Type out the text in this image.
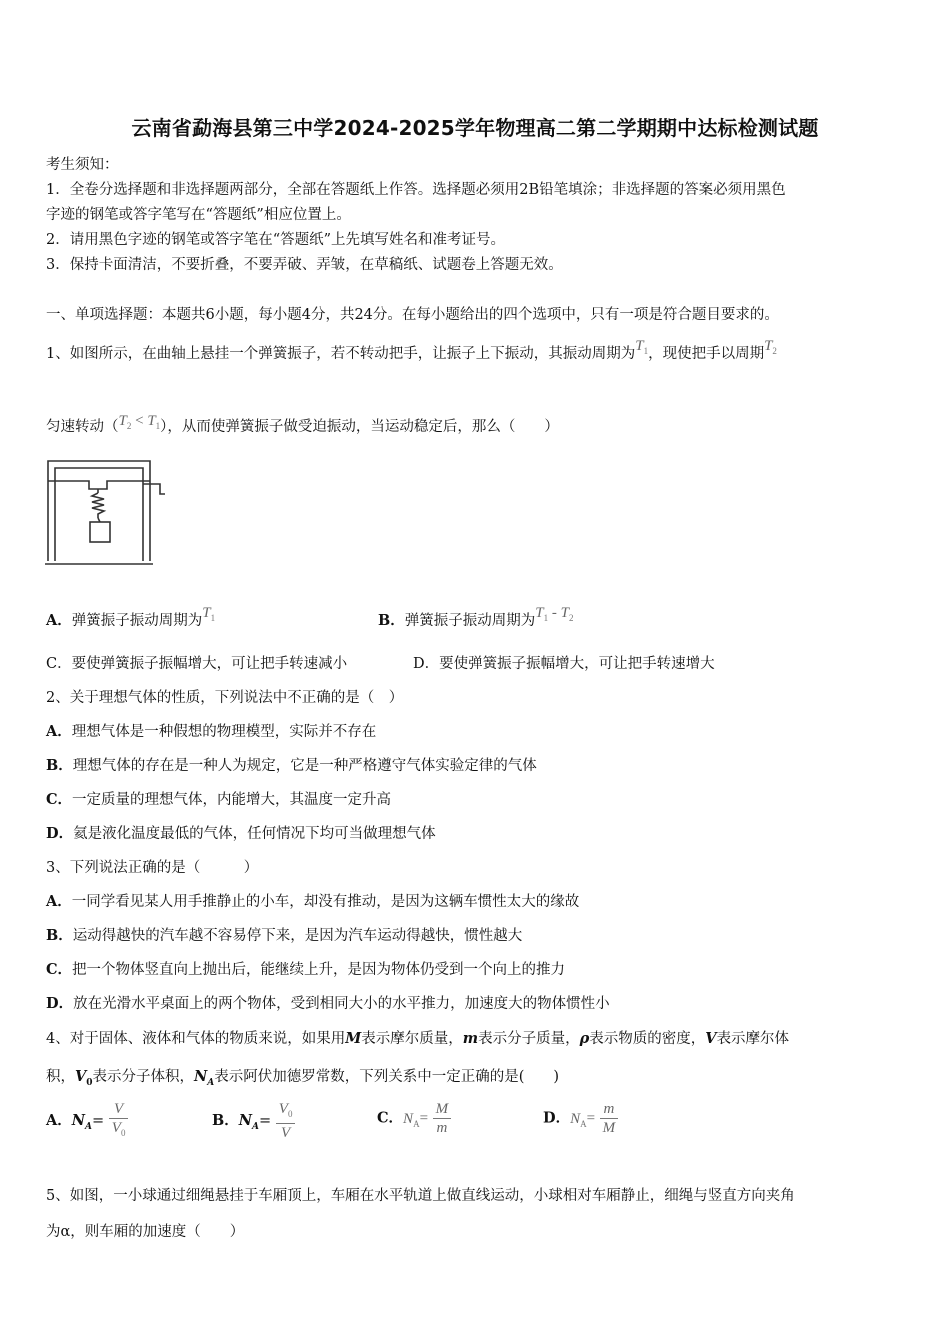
云南省勐海县第三中学2024-2025学年物理高二第二学期期中达标检测试题
考生须知：
1．全卷分选择题和非选择题两部分，全部在答题纸上作答。选择题必须用2B铅笔填涂；非选择题的答案必须用黑色
字迹的钢笔或答字笔写在“答题纸”相应位置上。
2．请用黑色字迹的钢笔或答字笔在“答题纸”上先填写姓名和准考证号。
3．保持卡面清洁，不要折叠，不要弄破、弄皱，在草稿纸、试题卷上答题无效。
一、单项选择题：本题共6小题，每小题4分，共24分。在每小题给出的四个选项中，只有一项是符合题目要求的。
1、如图所示，在曲轴上悬挂一个弹簧振子，若不转动把手，让振子上下振动，其振动周期为$T_1$，现使把手以周期$T_2$
匀速转动$(T_2 < T_1)$，从而使弹簧振子做受迫振动，当运动稳定后，那么（　　）
A．弹簧振子振动周期为$T_1$	B．弹簧振子振动周期为$T_1 - T_2$
C．要使弹簧振子振幅增大，可让把手转速减小	D．要使弹簧振子振幅增大，可让把手转速增大
2、关于理想气体的性质，下列说法中不正确的是（　）
A．理想气体是一种假想的物理模型，实际并不存在
B．理想气体的存在是一种人为规定，它是一种严格遵守气体实验定律的气体
C．一定质量的理想气体，内能增大，其温度一定升高
D．氦是液化温度最低的气体，任何情况下均可当做理想气体
3、下列说法正确的是（　　　）
A．一同学看见某人用手推静止的小车，却没有推动，是因为这辆车惯性太大的缘故
B．运动得越快的汽车越不容易停下来，是因为汽车运动得越快，惯性越大
C．把一个物体竖直向上抛出后，能继续上升，是因为物体仍受到一个向上的推力
D．放在光滑水平桌面上的两个物体，受到相同大小的水平推力，加速度大的物体惯性小
4、对于固体、液体和气体的物质来说，如果用M表示摩尔质量，m表示分子质量，ρ表示物质的密度，V表示摩尔体
积，$V_0$表示分子体积，$N_A$表示阿伏加德罗常数，下列关系中一定正确的是(　　)
A．$N_A= \frac{V}{V_0}$	B．$N_A= \frac{V_0}{V}$	C．$N_A= \frac{M}{m}$	D．$N_A= \frac{m}{M}$
5、如图，一小球通过细绳悬挂于车厢顶上，车厢在水平轨道上做直线运动，小球相对车厢静止，细绳与竖直方向夹角
为α，则车厢的加速度（　　）
